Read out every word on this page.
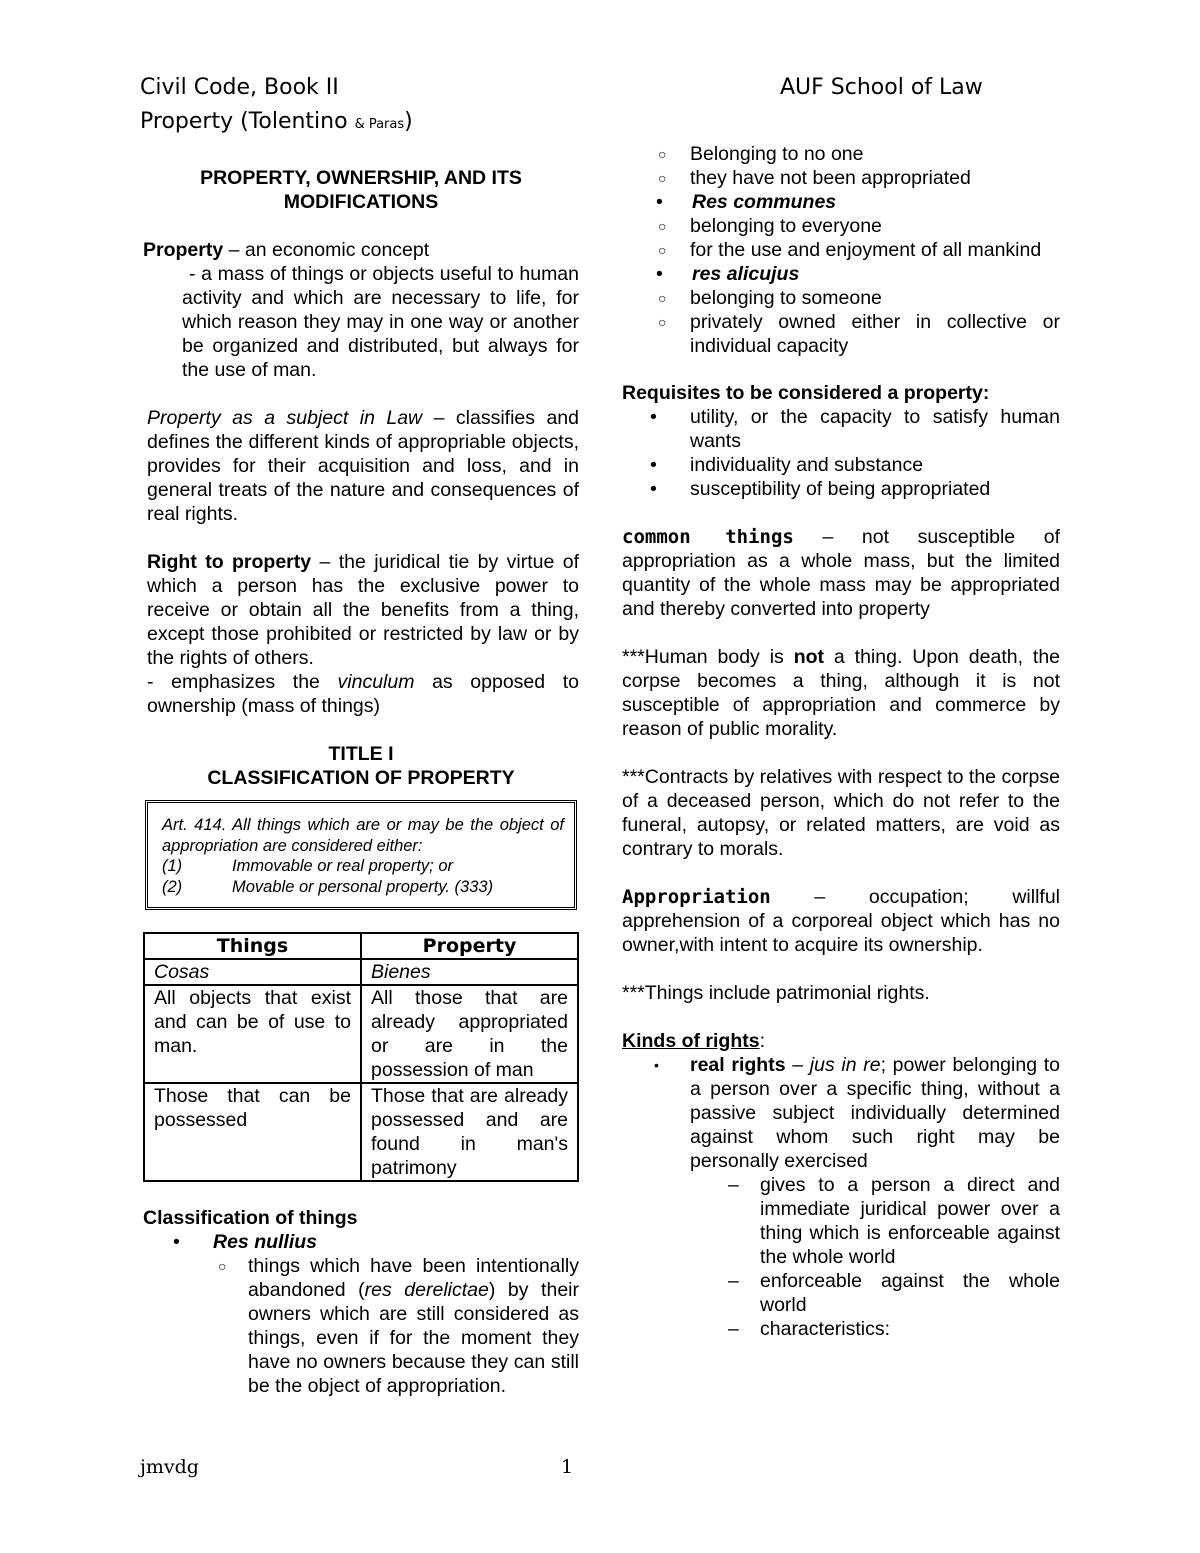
Civil Code, Book II
Property (Tolentino & Paras)
AUF School of Law

PROPERTY, OWNERSHIP, AND ITS

MODIFICATIONS

Property – an economic concept

- a mass of things or objects useful to human activity and which are necessary to life, for which reason they may in one way or another be organized and distributed, but always for the use of man.

Property as a subject in Law – classifies and defines the different kinds of appropriable objects, provides for their acquisition and loss, and in general treats of the nature and consequences of real rights.

Right to property – the juridical tie by virtue of which a person has the exclusive power to receive or obtain all the benefits from a thing, except those prohibited or restricted by law or by the rights of others.

- emphasizes the vinculum as opposed to ownership (mass of things)

TITLE I

CLASSIFICATION OF PROPERTY

Art. 414. All things which are or may be the object of appropriation are considered either:
(1)	Immovable or real property; or
(2)	Movable or personal property. (333)
Things	Property
Cosas	Bienes
All objects that exist and can be of use to man.	All those that are already appropriated or are in the possession of man
Those that can be possessed	Those that are already possessed and are found in man's patrimony

Classification of things

• Res nullius
○ things which have been intentionally abandoned (res derelictae) by their owners which are still considered as things, even if for the moment they have no owners because they can still be the object of appropriation.
○ Belonging to no one
○ they have not been appropriated
• Res communes
○ belonging to everyone
○ for the use and enjoyment of all mankind
• res alicujus
○ belonging to someone
○ privately owned either in collective or individual capacity

Requisites to be considered a property:

• utility, or the capacity to satisfy human wants
• individuality and substance
• susceptibility of being appropriated

common things – not susceptible of appropriation as a whole mass, but the limited quantity of the whole mass may be appropriated and thereby converted into property

***Human body is not a thing. Upon death, the corpse becomes a thing, although it is not susceptible of appropriation and commerce by reason of public morality.

***Contracts by relatives with respect to the corpse of a deceased person, which do not refer to the funeral, autopsy, or related matters, are void as contrary to morals.

Appropriation – occupation; willful apprehension of a corporeal object which has no owner,with intent to acquire its ownership.

***Things include patrimonial rights.

Kinds of rights:

• real rights – jus in re; power belonging to a person over a specific thing, without a passive subject individually determined against whom such right may be personally exercised
– gives to a person a direct and immediate juridical power over a thing which is enforceable against the whole world
– enforceable against the whole world
– characteristics:
jmvdg	1
